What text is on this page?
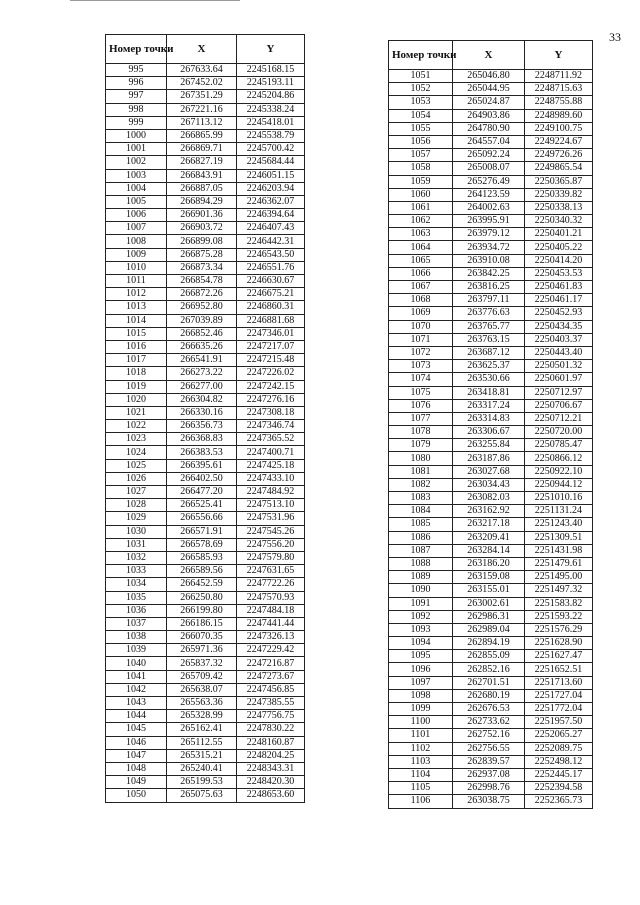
33
Номер точки	X	Y
995	267633.64	2245168.15
996	267452.02	2245193.11
997	267351.29	2245204.86
998	267221.16	2245338.24
999	267113.12	2245418.01
1000	266865.99	2245538.79
1001	266869.71	2245700.42
1002	266827.19	2245684.44
1003	266843.91	2246051.15
1004	266887.05	2246203.94
1005	266894.29	2246362.07
1006	266901.36	2246394.64
1007	266903.72	2246407.43
1008	266899.08	2246442.31
1009	266875.28	2246543.50
1010	266873.34	2246551.76
1011	266854.78	2246630.67
1012	266872.26	2246675.21
1013	266952.80	2246860.31
1014	267039.89	2246881.68
1015	266852.46	2247346.01
1016	266635.26	2247217.07
1017	266541.91	2247215.48
1018	266273.22	2247226.02
1019	266277.00	2247242.15
1020	266304.82	2247276.16
1021	266330.16	2247308.18
1022	266356.73	2247346.74
1023	266368.83	2247365.52
1024	266383.53	2247400.71
1025	266395.61	2247425.18
1026	266402.50	2247433.10
1027	266477.20	2247484.92
1028	266525.41	2247513.10
1029	266556.66	2247531.96
1030	266571.91	2247545.26
1031	266578.69	2247556.20
1032	266585.93	2247579.80
1033	266589.56	2247631.65
1034	266452.59	2247722.26
1035	266250.80	2247570.93
1036	266199.80	2247484.18
1037	266186.15	2247441.44
1038	266070.35	2247326.13
1039	265971.36	2247229.42
1040	265837.32	2247216.87
1041	265709.42	2247273.67
1042	265638.07	2247456.85
1043	265563.36	2247385.55
1044	265328.99	2247756.75
1045	265162.41	2247830.22
1046	265112.55	2248160.87
1047	265315.21	2248204.25
1048	265240.41	2248343.31
1049	265199.53	2248420.30
1050	265075.63	2248653.60
Номер точки	X	Y
1051	265046.80	2248711.92
1052	265044.95	2248715.63
1053	265024.87	2248755.88
1054	264903.86	2248989.60
1055	264780.90	2249100.75
1056	264557.04	2249224.67
1057	265092.24	2249726.26
1058	265008.07	2249865.54
1059	265276.49	2250365.87
1060	264123.59	2250339.82
1061	264002.63	2250338.13
1062	263995.91	2250340.32
1063	263979.12	2250401.21
1064	263934.72	2250405.22
1065	263910.08	2250414.20
1066	263842.25	2250453.53
1067	263816.25	2250461.83
1068	263797.11	2250461.17
1069	263776.63	2250452.93
1070	263765.77	2250434.35
1071	263763.15	2250403.37
1072	263687.12	2250443.40
1073	263625.37	2250501.32
1074	263530.66	2250601.97
1075	263418.81	2250712.97
1076	263317.24	2250706.67
1077	263314.83	2250712.21
1078	263306.67	2250720.00
1079	263255.84	2250785.47
1080	263187.86	2250866.12
1081	263027.68	2250922.10
1082	263034.43	2250944.12
1083	263082.03	2251010.16
1084	263162.92	2251131.24
1085	263217.18	2251243.40
1086	263209.41	2251309.51
1087	263284.14	2251431.98
1088	263186.20	2251479.61
1089	263159.08	2251495.00
1090	263155.01	2251497.32
1091	263002.61	2251583.82
1092	262986.31	2251593.22
1093	262989.04	2251576.29
1094	262894.19	2251628.90
1095	262855.09	2251627.47
1096	262852.16	2251652.51
1097	262701.51	2251713.60
1098	262680.19	2251727.04
1099	262676.53	2251772.04
1100	262733.62	2251957.50
1101	262752.16	2252065.27
1102	262756.55	2252089.75
1103	262839.57	2252498.12
1104	262937.08	2252445.17
1105	262998.76	2252394.58
1106	263038.75	2252365.73
